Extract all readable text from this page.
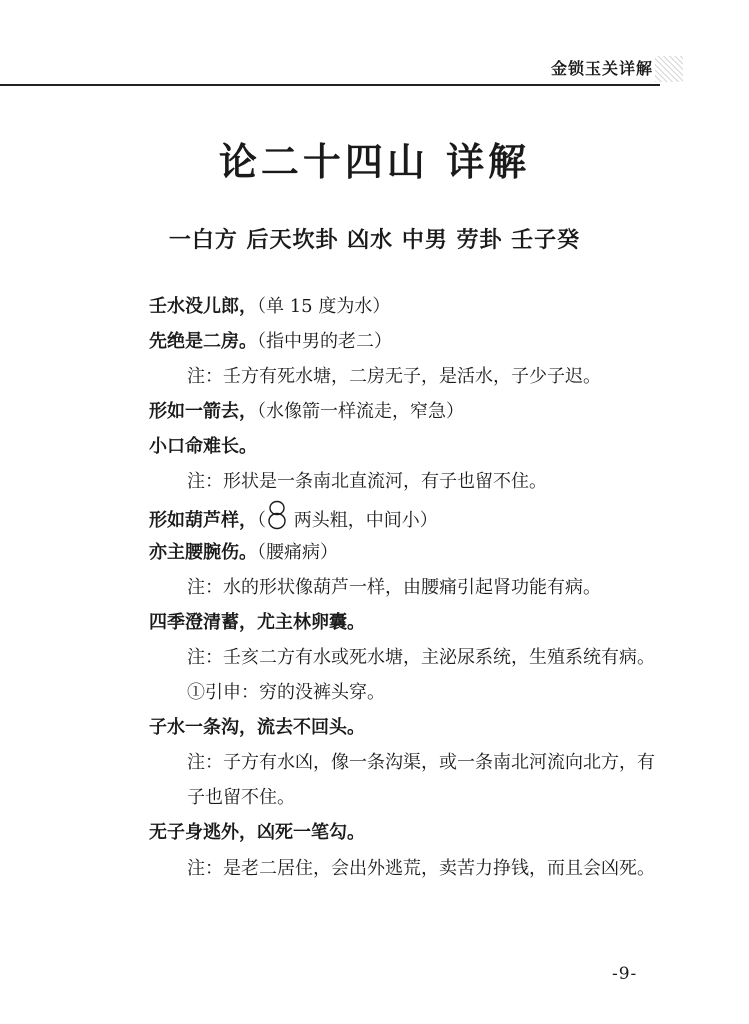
金锁玉关详解
论二十四山 详解
一白方 后天坎卦 凶水 中男 劳卦 壬子癸
壬水没儿郎，（单 15 度为水）
先绝是二房。（指中男的老二）
注：壬方有死水塘，二房无子，是活水，子少子迟。
形如一箭去，（水像箭一样流走，窄急）
小口命难长。
注：形状是一条南北直流河，有子也留不住。
形如葫芦样，（ 两头粗，中间小）
亦主腰腕伤。（腰痛病）
注：水的形状像葫芦一样，由腰痛引起肾功能有病。
四季澄清蓄，尤主林卵囊。
注：壬亥二方有水或死水塘，主泌尿系统，生殖系统有病。
①引申：穷的没裤头穿。
子水一条沟，流去不回头。
注：子方有水凶，像一条沟渠，或一条南北河流向北方，有子也留不住。
无子身逃外，凶死一笔勾。
注：是老二居住，会出外逃荒，卖苦力挣钱，而且会凶死。
-9-
